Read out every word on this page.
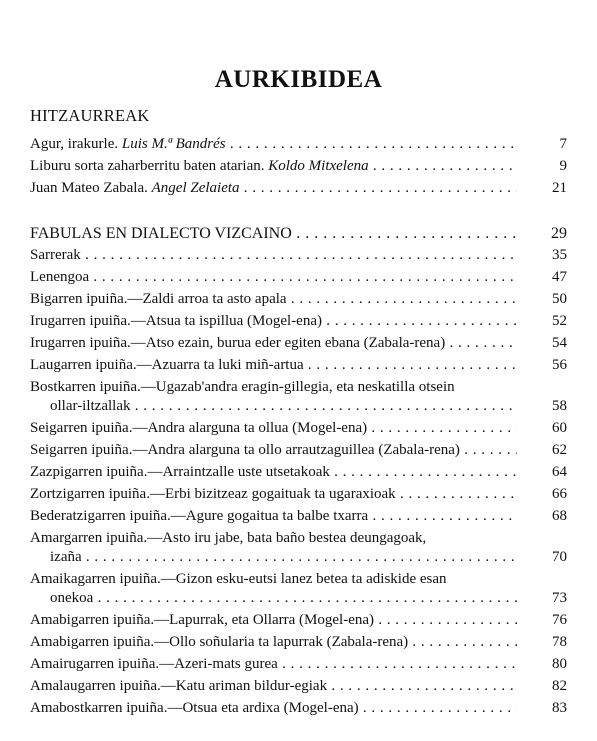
AURKIBIDEA
HITZAURREAK
Agur, irakurle. Luis M.ª Bandrés . . .	7
Liburu sorta zaharberritu baten atarian. Koldo Mitxelena . . .	9
Juan Mateo Zabala. Angel Zelaieta . . .	21
FABULAS EN DIALECTO VIZCAINO . . .	29
Sarrerak . . .	35
Lenengoa . . .	47
Bigarren ipuiña.—Zaldi arroa ta asto apala . . .	50
Irugarren ipuiña.—Atsua ta ispillua (Mogel-ena) . . .	52
Irugarren ipuiña.—Atso ezain, burua eder egiten ebana (Zabala-rena) . . .	54
Laugarren ipuiña.—Azuarra ta luki miñ-artua . . .	56
Bostkarren ipuiña.—Ugazab'andra eragin-gillegia, eta neskatilla otsein
ollar-iltzallak . . .	58
Seigarren ipuiña.—Andra alarguna ta ollua (Mogel-ena) . . .	60
Seigarren ipuiña.—Andra alarguna ta ollo arrautzaguillea (Zabala-rena) . . .	62
Zazpigarren ipuiña.—Arraintzalle uste utsetakoak . . .	64
Zortzigarren ipuiña.—Erbi bizitzeaz gogaituak ta ugaraxioak . . .	66
Bederatzigarren ipuiña.—Agure gogaitua ta balbe txarra . . .	68
Amargarren ipuiña.—Asto iru jabe, bata baño bestea deungagoak,
izaña . . .	70
Amaikagarren ipuiña.—Gizon esku-eutsi lanez betea ta adiskide esan
onekoa . . .	73
Amabigarren ipuiña.—Lapurrak, eta Ollarra (Mogel-ena) . . .	76
Amabigarren ipuiña.—Ollo soñularia ta lapurrak (Zabala-rena) . . .	78
Amairugarren ipuiña.—Azeri-mats gurea . . .	80
Amalaugarren ipuiña.—Katu ariman bildur-egiak . . .	82
Amabostkarren ipuiña.—Otsua eta ardixa (Mogel-ena) . . .	83
